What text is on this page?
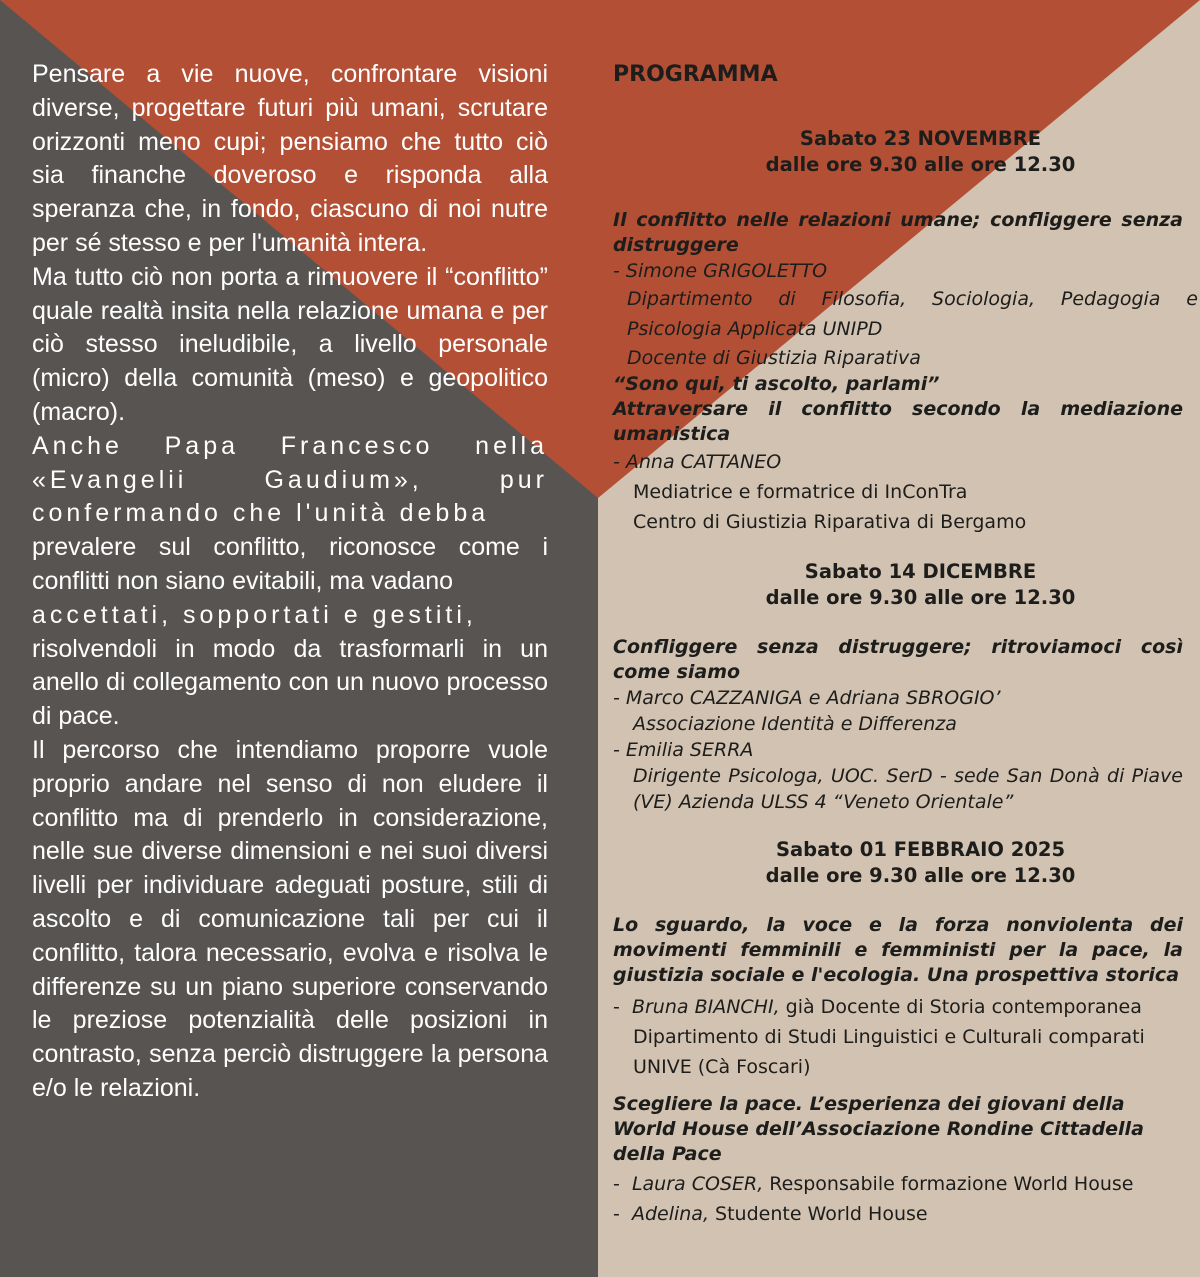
Pensare a vie nuove, confrontare visioni diverse, progettare futuri più umani, scrutare orizzonti meno cupi; pensiamo che tutto ciò sia finanche doveroso e risponda alla speranza che, in fondo, ciascuno di noi nutre per sé stesso e per l'umanità intera.

Ma tutto ciò non porta a rimuovere il “conflitto” quale realtà insita nella relazione umana e per ciò stesso ineludibile, a livello personale (micro) della comunità (meso) e geopolitico (macro).

Anche Papa Francesco nella «Evangelii Gaudium», pur confermando che l'unità debba

prevalere sul conflitto, riconosce come i conflitti non siano evitabili, ma vadano

accettati, sopportati e gestiti,

risolvendoli in modo da trasformarli in un anello di collegamento con un nuovo processo di pace.

Il percorso che intendiamo proporre vuole proprio andare nel senso di non eludere il conflitto ma di prenderlo in considerazione, nelle sue diverse dimensioni e nei suoi diversi livelli per individuare adeguati posture, stili di ascolto e di comunicazione tali per cui il conflitto, talora necessario, evolva e risolva le differenze su un piano superiore conservando le preziose potenzialità delle posizioni in contrasto, senza perciò distruggere la persona e/o le relazioni.

PROGRAMMA
Sabato 23 NOVEMBRE
dalle ore 9.30 alle ore 12.30
Il conflitto nelle relazioni umane; confliggere senza distruggere
- Simone GRIGOLETTO
Dipartimento di Filosofia, Sociologia, Pedagogia e
Psicologia Applicata UNIPD
Docente di Giustizia Riparativa
“Sono qui, ti ascolto, parlami”
Attraversare il conflitto secondo la mediazione umanistica
- Anna CATTANEO
Mediatrice e formatrice di InConTra
Centro di Giustizia Riparativa di Bergamo
Sabato 14 DICEMBRE
dalle ore 9.30 alle ore 12.30
Confliggere senza distruggere; ritroviamoci così come siamo
- Marco CAZZANIGA e Adriana SBROGIO’
Associazione Identità e Differenza
- Emilia SERRA
Dirigente Psicologa, UOC. SerD - sede San Donà di Piave (VE) Azienda ULSS 4 “Veneto Orientale”
Sabato 01 FEBBRAIO 2025
dalle ore 9.30 alle ore 12.30
Lo sguardo, la voce e la forza nonviolenta dei movimenti femminili e femministi per la pace, la giustizia sociale e l'ecologia. Una prospettiva storica
- Bruna BIANCHI, già Docente di Storia contemporanea
Dipartimento di Studi Linguistici e Culturali comparati
UNIVE (Cà Foscari)
Scegliere la pace. L’esperienza dei giovani della World House dell’Associazione Rondine Cittadella della Pace
- Laura COSER, Responsabile formazione World House
- Adelina, Studente World House
